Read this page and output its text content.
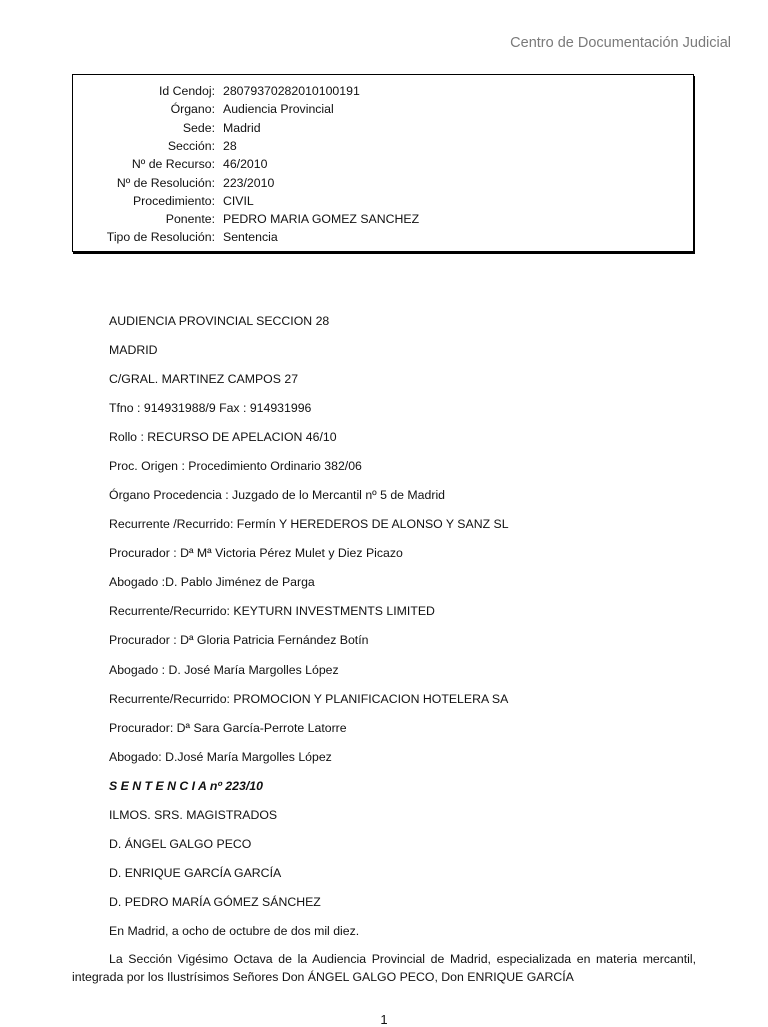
Centro de Documentación Judicial
Id Cendoj: 28079370282010100191
Órgano: Audiencia Provincial
Sede: Madrid
Sección: 28
Nº de Recurso: 46/2010
Nº de Resolución: 223/2010
Procedimiento: CIVIL
Ponente: PEDRO MARIA GOMEZ SANCHEZ
Tipo de Resolución: Sentencia
AUDIENCIA PROVINCIAL SECCION 28
MADRID
C/GRAL. MARTINEZ CAMPOS 27
Tfno : 914931988/9 Fax : 914931996
Rollo : RECURSO DE APELACION 46/10
Proc. Origen : Procedimiento Ordinario 382/06
Órgano Procedencia : Juzgado de lo Mercantil nº 5 de Madrid
Recurrente /Recurrido: Fermín Y HEREDEROS DE ALONSO Y SANZ SL
Procurador : Dª Mª Victoria Pérez Mulet y Diez Picazo
Abogado :D. Pablo Jiménez de Parga
Recurrente/Recurrido: KEYTURN INVESTMENTS LIMITED
Procurador : Dª Gloria Patricia Fernández Botín
Abogado : D. José María Margolles López
Recurrente/Recurrido: PROMOCION Y PLANIFICACION HOTELERA SA
Procurador: Dª Sara García-Perrote Latorre
Abogado: D.José María Margolles López
S E N T E N C I A nº 223/10
ILMOS. SRS. MAGISTRADOS
D. ÁNGEL GALGO PECO
D. ENRIQUE GARCÍA GARCÍA
D. PEDRO MARÍA GÓMEZ SÁNCHEZ
En Madrid, a ocho de octubre de dos mil diez.
La Sección Vigésimo Octava de la Audiencia Provincial de Madrid, especializada en materia mercantil, integrada por los Ilustrísimos Señores Don ÁNGEL GALGO PECO, Don ENRIQUE GARCÍA
1
